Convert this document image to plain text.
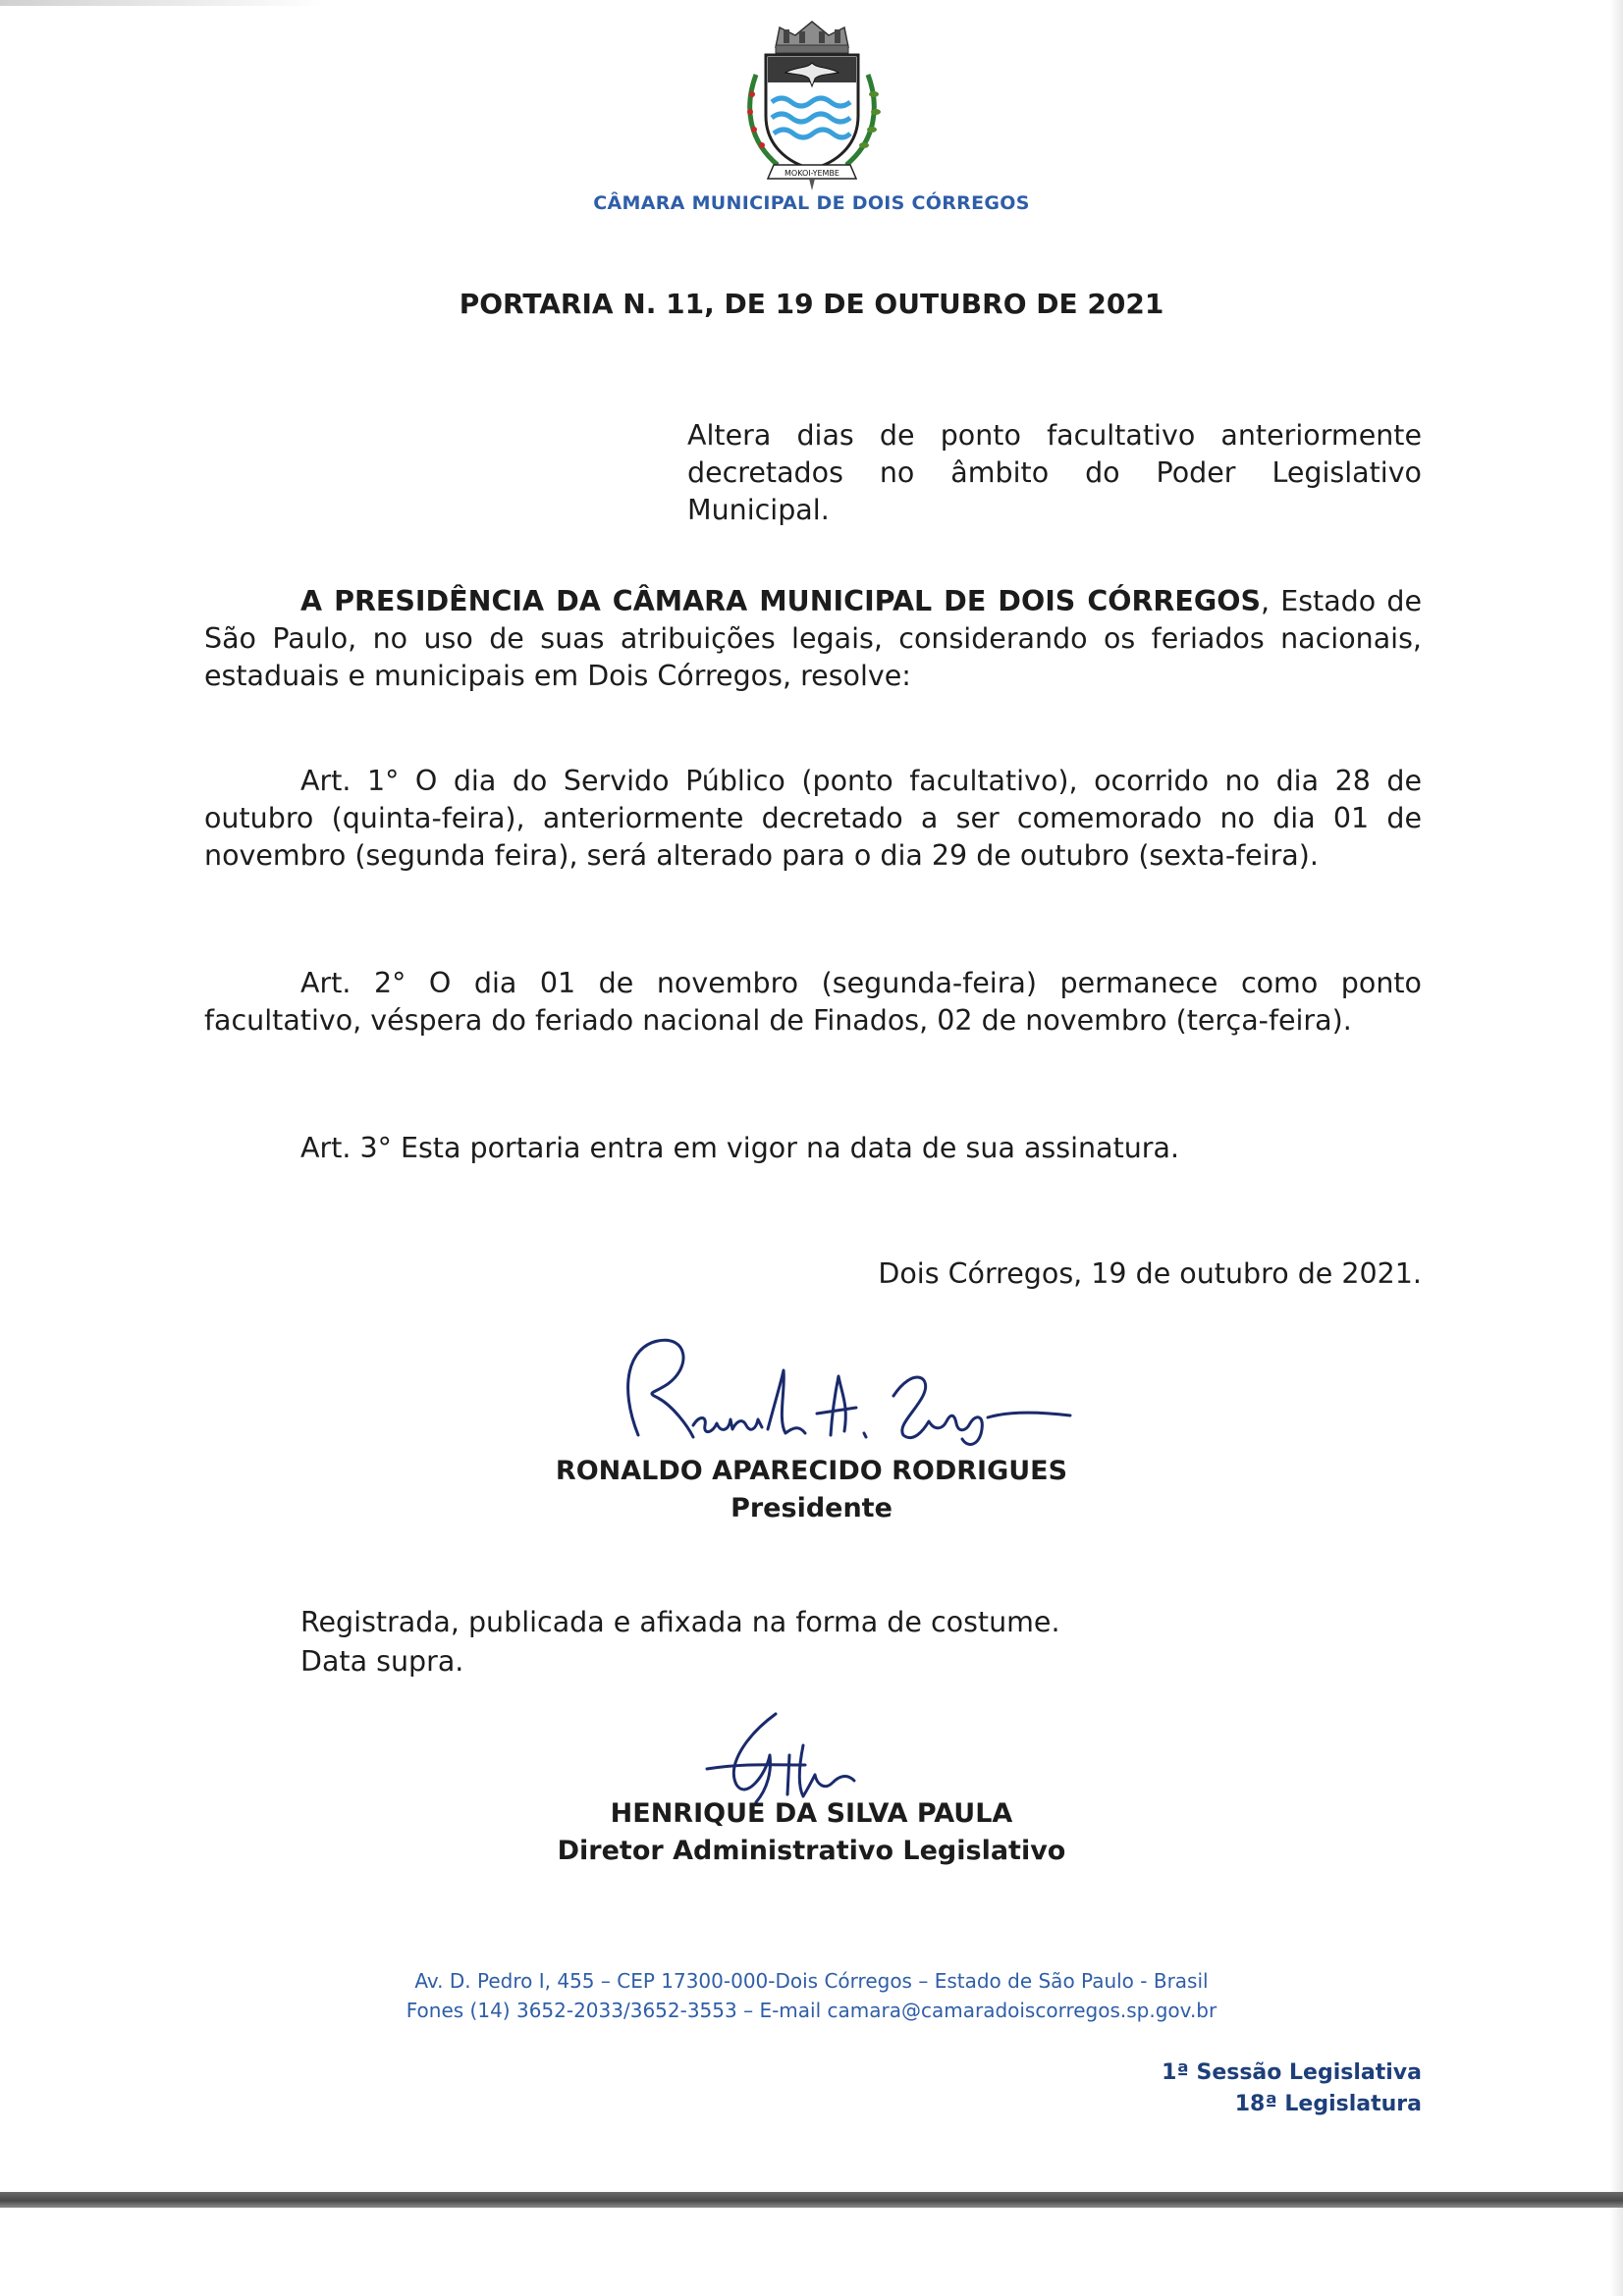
MOKOI-YEMBE
CÂMARA MUNICIPAL DE DOIS CÓRREGOS
PORTARIA N. 11, DE 19 DE OUTUBRO DE 2021
Altera dias de ponto facultativo anteriormente decretados no âmbito do Poder Legislativo Municipal.
A PRESIDÊNCIA DA CÂMARA MUNICIPAL DE DOIS CÓRREGOS, Estado de São Paulo, no uso de suas atribuições legais, considerando os feriados nacionais, estaduais e municipais em Dois Córregos, resolve:
Art. 1° O dia do Servido Público (ponto facultativo), ocorrido no dia 28 de outubro (quinta-feira), anteriormente decretado a ser comemorado no dia 01 de novembro (segunda feira), será alterado para o dia 29 de outubro (sexta-feira).
Art. 2° O dia 01 de novembro (segunda-feira) permanece como ponto facultativo, véspera do feriado nacional de Finados, 02 de novembro (terça-feira).
Art. 3° Esta portaria entra em vigor na data de sua assinatura.
Dois Córregos, 19 de outubro de 2021.
RONALDO APARECIDO RODRIGUES
Presidente
Registrada, publicada e afixada na forma de costume.
Data supra.
HENRIQUE DA SILVA PAULA
Diretor Administrativo Legislativo
Av. D. Pedro I, 455 – CEP 17300-000-Dois Córregos – Estado de São Paulo - Brasil
Fones (14) 3652-2033/3652-3553 – E-mail camara@camaradoiscorregos.sp.gov.br
1ª Sessão Legislativa
18ª Legislatura
